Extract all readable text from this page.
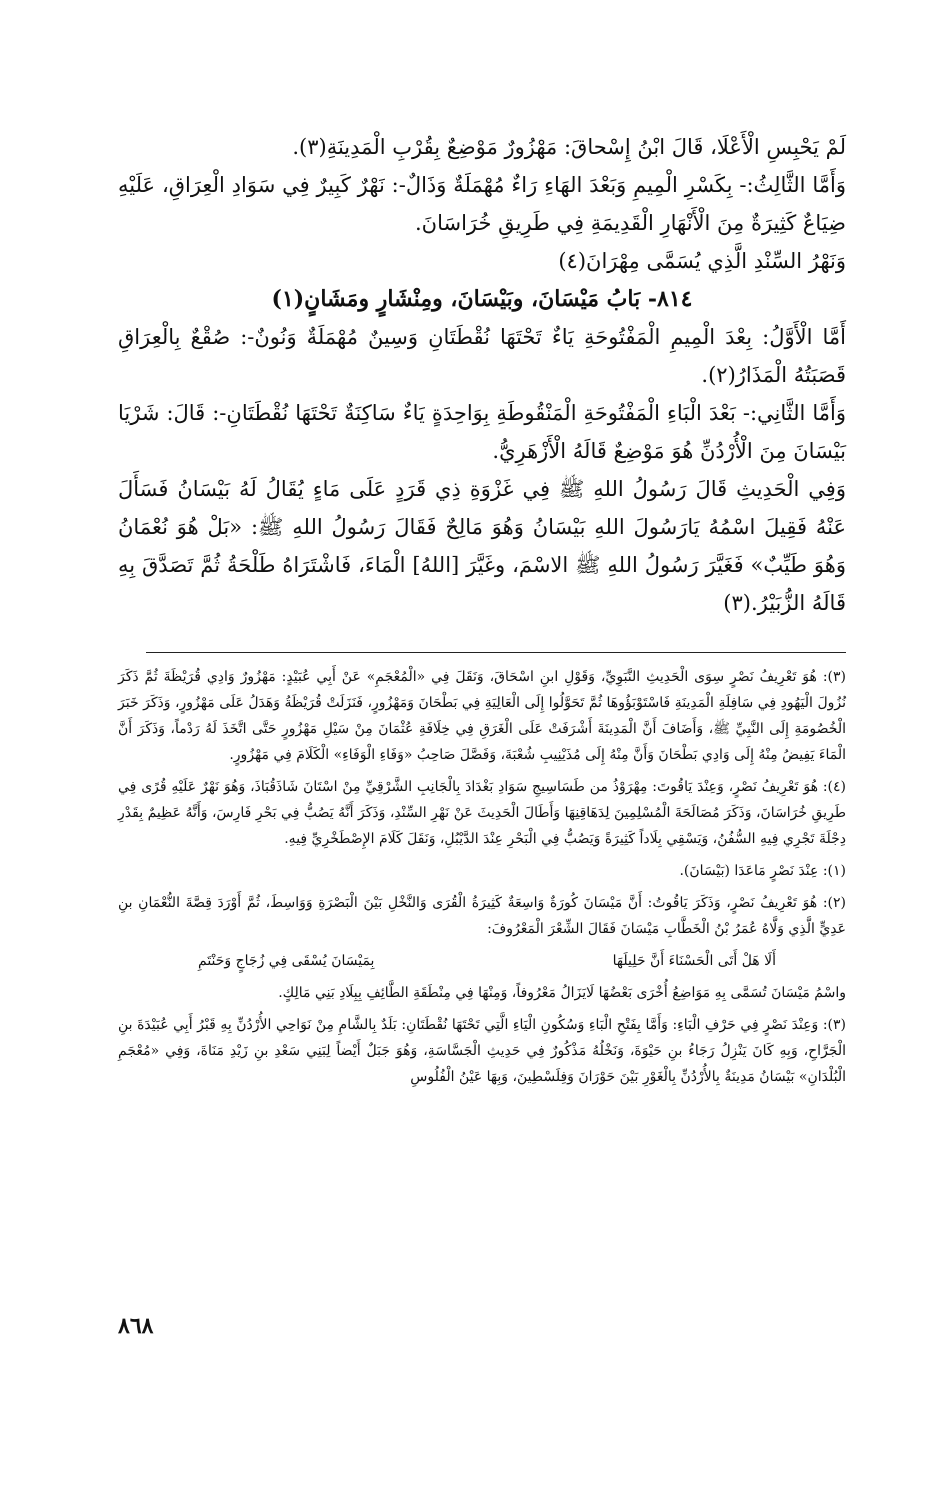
لَمْ يَحْبِسِ الْأَعْلَا، قَالَ ابْنُ إِسْحاقَ: مَهْزُورٌ مَوْضِعٌ بِقُرْبِ الْمَدِينَةِ(٣).

وَأَمَّا الثَّالِثُ:- بِكَسْرِ الْمِيمِ وَبَعْدَ الهَاءِ رَاءٌ مُهْمَلَةٌ وَذَالٌ-: نَهْرٌ كَبِيرٌ فِي سَوَادِ الْعِرَاقِ، عَلَيْهِ ضِيَاعٌ كَثِيرَةٌ مِنَ الْأَنْهَارِ الْقَدِيمَةِ فِي طَرِيقِ خُرَاسَانَ.

وَنَهْرُ السِّنْدِ الَّذِي يُسَمَّى مِهْرَانَ(٤)

٨١٤- بَابُ مَيْسَانَ، وبَيْسَانَ، ومِنْشَارٍ ومَشَانٍ(١)

أَمَّا الْأَوَّلُ: بِعْدَ الْمِيمِ الْمَفْتُوحَةِ يَاءٌ تَحْتَهَا نُقْطَتَانِ وَسِينٌ مُهْمَلَةٌ وَنُونٌ-: صُقْعٌ بِالْعِرَاقِ قَصَبَتُهُ الْمَذَارُ(٢).

وَأَمَّا الثَّانِي:- بَعْدَ الْبَاءِ الْمَفْتُوحَةِ الْمَنْقُوطَةِ بِوَاحِدَةٍ يَاءٌ سَاكِنَةٌ تَحْتَهَا نُقْطَتَانِ-: قَالَ: شَرْيَا بَيْسَانَ مِنَ الْأُرْدُنِّ هُوَ مَوْضِعٌ قَالَهُ الْأَزْهَرِيُّ.

وَفِي الْحَدِيثِ قَالَ رَسُولُ اللهِ ﷺ فِي غَزْوَةِ ذِي قَرَدٍ عَلَى مَاءٍ يُقَالُ لَهُ بَيْسَانُ فَسَأَلَ عَنْهُ فَقِيلَ اسْمُهُ يَارَسُولَ اللهِ بَيْسَانُ وَهُوَ مَالِحٌ فَقَالَ رَسُولُ اللهِ ﷺ: «بَلْ هُوَ نُعْمَانُ وَهُوَ طَيِّبٌ» فَغَيَّرَ رَسُولُ اللهِ ﷺ الاسْمَ، وغَيَّرَ [اللهُ] الْمَاءَ، فَاشْتَرَاهُ طَلْحَةُ ثُمَّ تَصَدَّقَ بِهِ قَالَهُ الزُّبَيْرُ.(٣)

(٣): هُوَ تَعْرِيفُ نَصْرٍ سِوَى الْحَدِيثِ النَّبَوِيِّ، وَقَوْلِ ابنِ اسْحَاقَ، وَنَقَلَ فِي «الْمُعْجَمِ» عَنْ أَبِي عُبَيْدٍ: مَهْزُورٌ وَادِي قُرَيْظَةَ ثُمَّ ذَكَرَ نُزُولَ الْيَهُودِ فِي سَافِلَةِ الْمَدِينَةِ فَاسْتَوْبَؤُوهَا ثُمَّ تَحَوَّلُوا إِلَى الْعَالِيَةِ فِي بَطْحَانَ وَمَهْزُورٍ، فَنَزَلَتْ قُرَيْظَةُ وَهَدَلُ عَلَى مَهْزُورٍ، وَذَكَرَ خَبَرَ الْخُصُومَةِ إِلَى النَّبِيِّ ﷺ، وَأَضَافَ أَنَّ الْمَدِينَةَ أَشْرَفَتْ عَلَى الْغَرَقِ فِي خِلَافَةِ عُثْمَانَ مِنْ سَيْلِ مَهْزُورٍ حَتَّى اتَّخَذَ لَهُ رَدْماً، وَذَكَرَ أَنَّ الْمَاءَ يَفِيضُ مِنْهُ إِلَى وَادِي بَطْحَانَ وَأَنَّ مِنْهُ إِلَى مُذَيْنِيبِ شُعْبَةَ، وَفَصَّلَ صَاحِبُ «وَفَاءِ الْوَفَاءِ» الْكَلَامَ فِي مَهْزُورٍ.

(٤): هُوَ تَعْرِيفُ نَصْرٍ، وَعِنْدَ يَاقُوتَ: مِهْرَوْذُ من طَسَاسِيجِ سَوَادِ بَغْدَادَ بِالْجَانِبِ الشَّرْقِيِّ مِنْ اسْتَانَ شَاذَقُبَاذَ، وَهُوَ نَهْرٌ عَلَيْهِ قُرًى فِي طَرِيقِ خُرَاسَانَ، وَذَكَرَ مُصَالَحَةَ الْمُسْلِمِينَ لِدَهَاقِنِهَا وَأَطَالَ الْحَدِيثَ عَنْ نَهْرِ السِّنْدِ، وَذَكَرَ أَنَّهُ يَصُبُّ فِي بَحْرِ فَارِسَ، وَأَنَّهُ عَظِيمٌ بِقَدْرِ دِجْلَةَ تَجْرِي فِيهِ السُّفُنُ، وَيَسْقِي بِلَاداً كَثِيرَةً وَيَصُبُّ فِي الْبَحْرِ عِنْدَ الدَّيْبُلِ، وَنَقَلَ كَلَامَ الإِصْطَخْرِيِّ فِيهِ.

(١): عِنْدَ نَصْرٍ مَاعَدَا (بَيْسَانَ).

(٢): هُوَ تَعْرِيفُ نَصْرٍ، وَذَكَرَ يَاقُوتُ: أَنَّ مَيْسَانَ كُورَةٌ وَاسِعَةٌ كَثِيرَةُ الْقُرَى وَالنَّخْلِ بَيْنَ الْبَصْرَةِ وَوَاسِطَ، ثُمَّ أَوْرَدَ قِصَّةَ النُّعْمَانِ بنِ عَدِيٍّ الَّذِي وَلَّاهُ عُمَرُ بْنُ الْخَطَّابِ مَيْسَانَ فَقَالَ الشِّعْرَ الْمَعْرُوفَ:

أَلَا هَلْ أَتَى الْحَسْنَاءَ أَنَّ حَلِيلَهَا
بِمَيْسَانَ يُسْقَى فِي زُجَاجٍ وَحَنْتَمِ

واسْمُ مَيْسَانَ تُسَمَّى بِهِ مَوَاضِعُ أُخْرَى بَعْضُهَا لَايَزَالُ مَعْرُوفاً، وَمِنْهَا فِي مِنْطَقَةِ الطَّائِفِ بِبِلَادِ بَنِي مَالِكٍ.

(٣): وَعِنْدَ نَصْرٍ فِي حَرْفِ الْبَاءِ: وَأَمَّا بِفَتْحِ الْبَاءِ وَسُكُونِ الْيَاءِ الَّتِي تَحْتَهَا نُقْطَتَانِ: بَلَدٌ بِالشَّامِ مِنْ نَوَاحِي الأُرْدُنِّ بِهِ قَبْرُ أَبِي عُبَيْدَةَ بنِ الْجَرَّاحِ، وَبِهِ كَانَ يَنْزِلُ رَجَاءُ بنِ حَيْوَةَ، وَنَخْلُهُ مَذْكُورٌ فِي حَدِيثِ الْجَسَّاسَةِ، وَهُوَ جَبَلٌ أَيْضاً لِبَنِي سَعْدِ بنِ زَيْدِ مَنَاةَ، وَفِي «مُعْجَمِ الْبُلْدَانِ» بَيْسَانُ مَدِينَةٌ بِالأُرْدُنِّ بِالْغَوْرِ بَيْنَ حَوْرَانَ وَفِلَسْطِينَ، وَبِهَا عَيْنُ الْفُلُوسِ

٨٦٨
